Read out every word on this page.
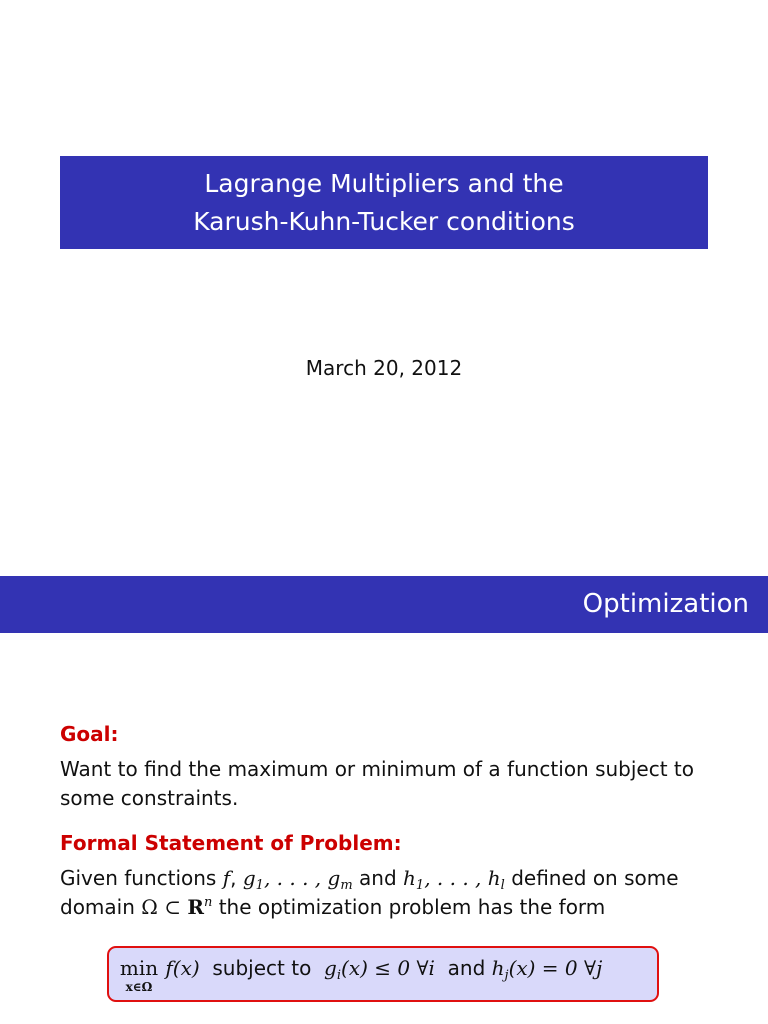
Lagrange Multipliers and the
Karush-Kuhn-Tucker conditions
March 20, 2012
Optimization
Goal:
Want to find the maximum or minimum of a function subject to
some constraints.
Formal Statement of Problem:
Given functions f, $g_1$, . . . , $g_m$ and $h_1$, . . . , $h_l$ defined on some
domain Ω ⊂ $R^n$ the optimization problem has the form
min
x∈Ω
f(x) subject to $g_i(x) \le 0$ ∀i and $h_j(x) = 0$ ∀j
